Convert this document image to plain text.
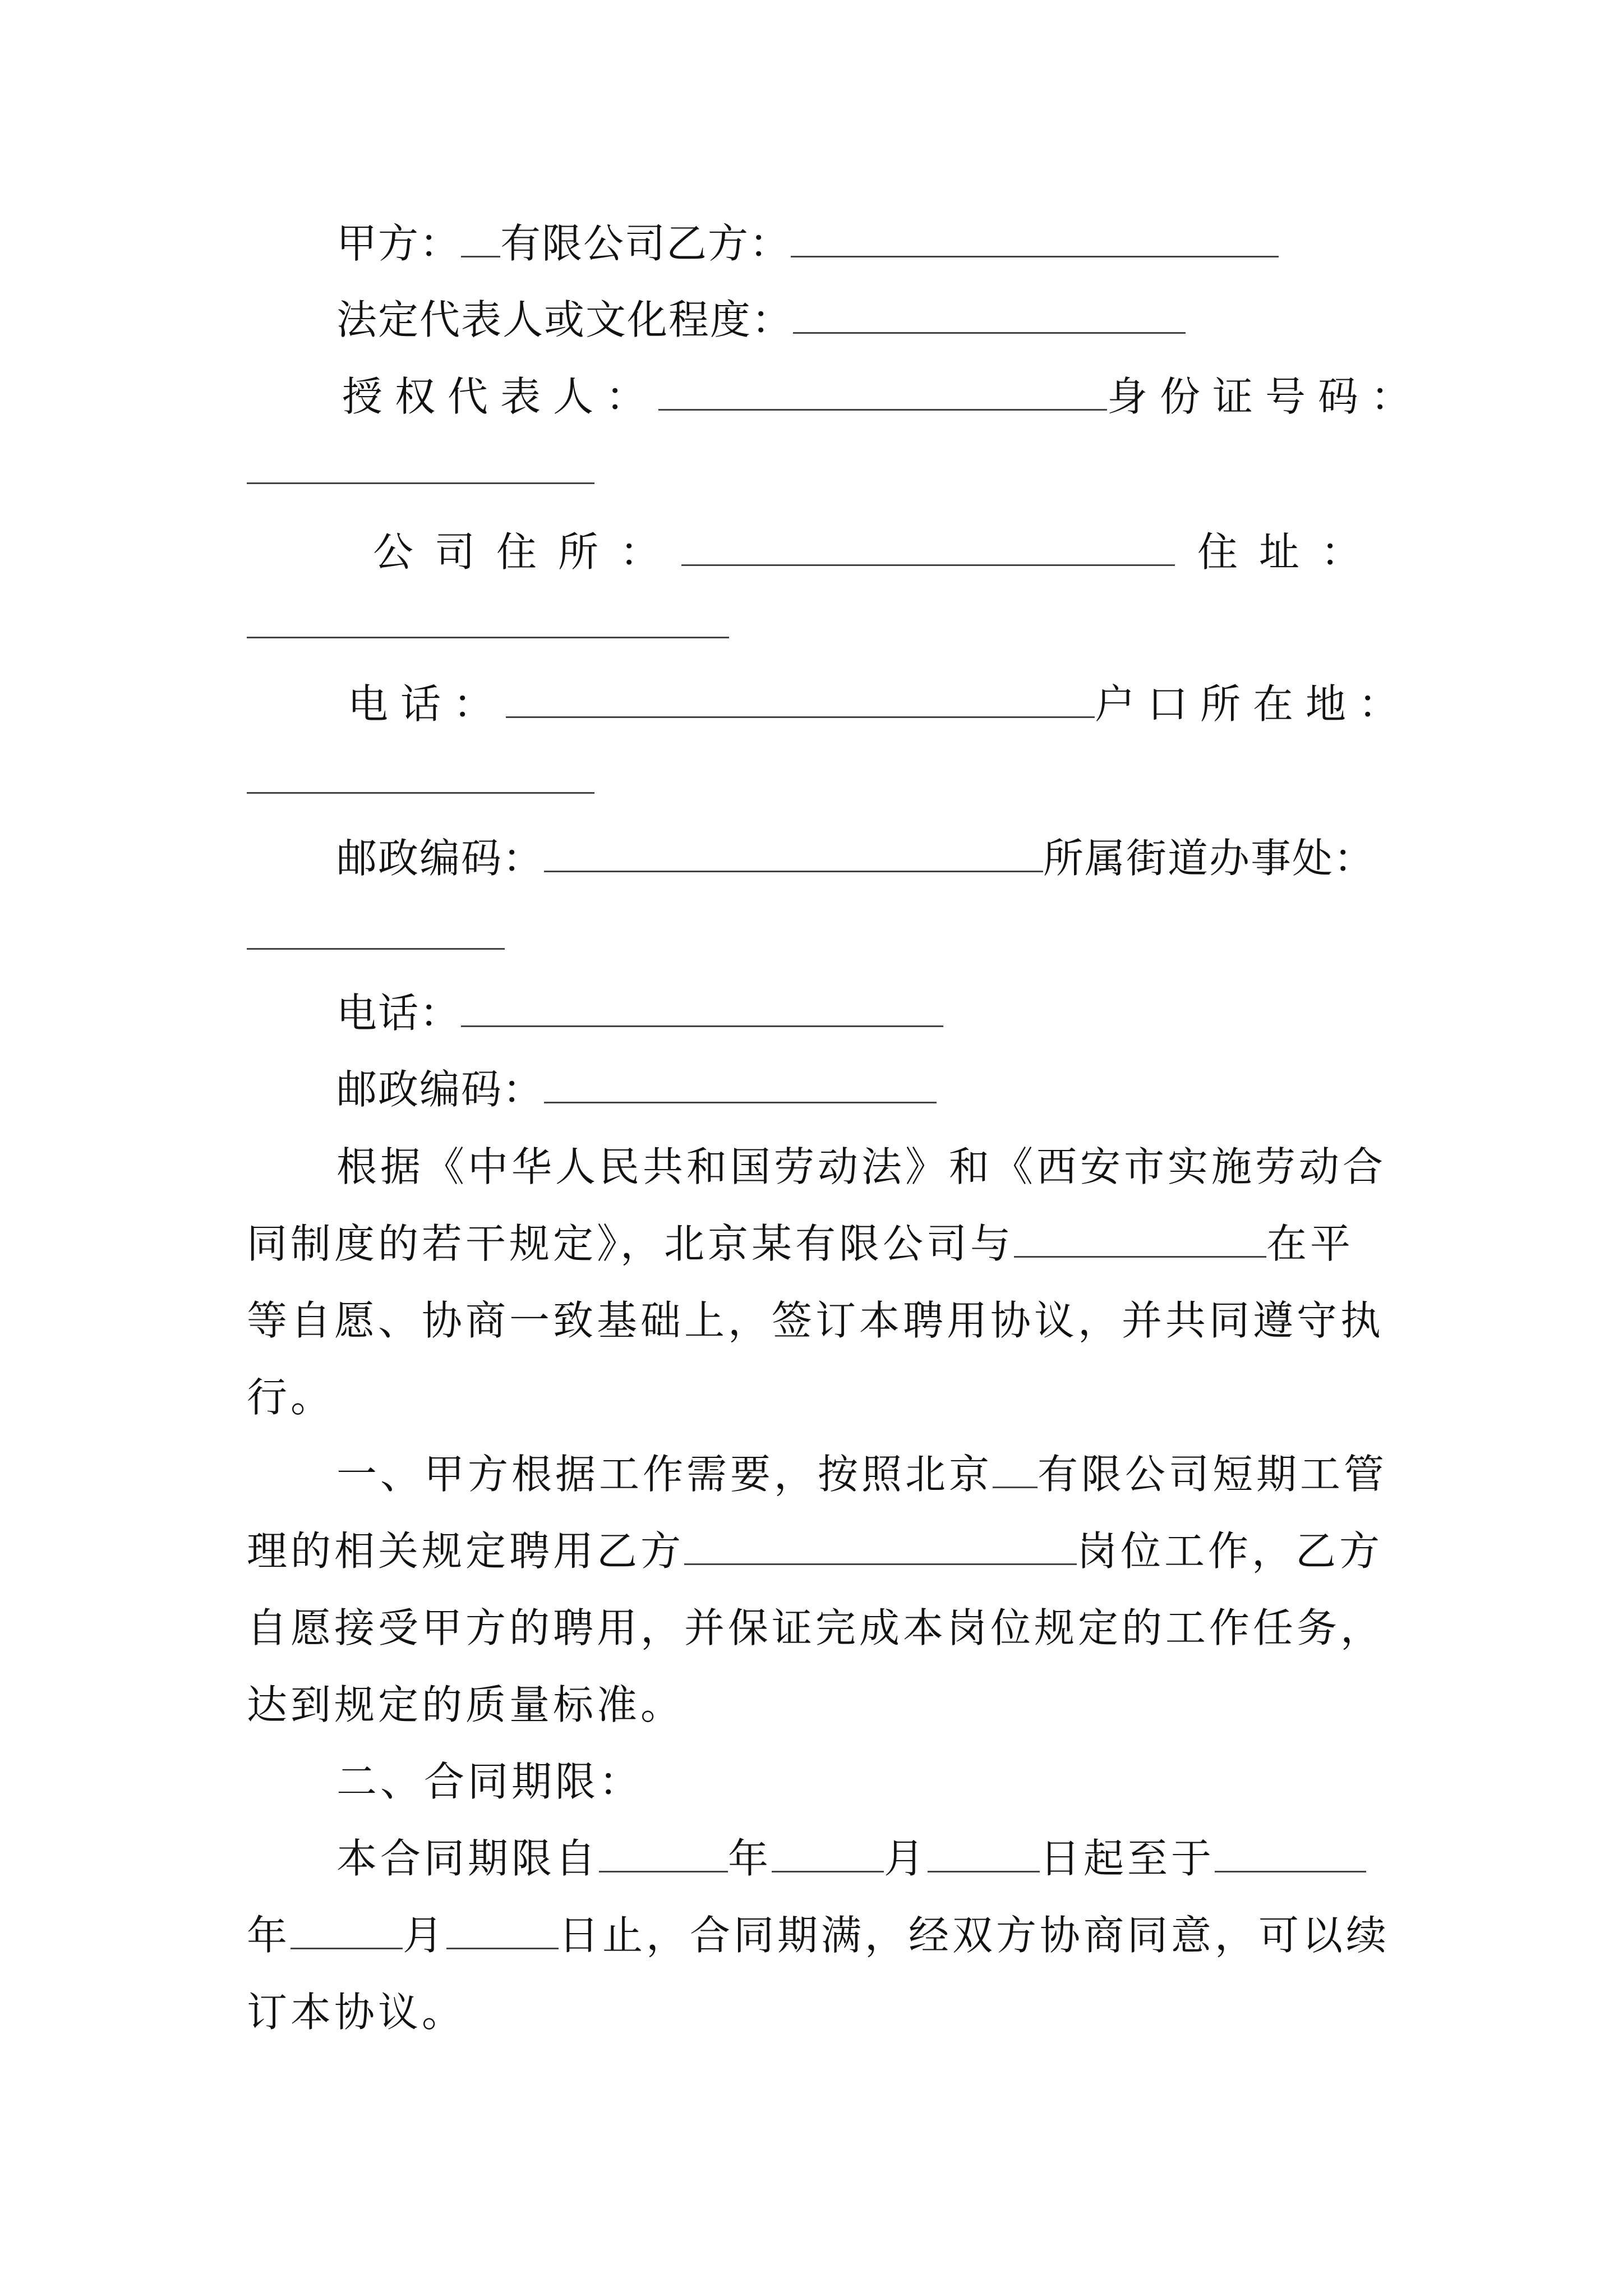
甲方： 有限公司乙方：
法定代表人或文化程度：
授权代表人：	身份证号码：
公司住所：	住址：
电话：	户口所在地：
邮政编码：	所属街道办事处：
电话：
邮政编码：
根据《中华人民共和国劳动法》和《西安市实施劳动合
同制度的若干规定》，北京某有限公司与	在平
等自愿、协商一致基础上，签订本聘用协议，并共同遵守执
行。
一、甲方根据工作需要，按照北京 有限公司短期工管
理的相关规定聘用乙方	岗位工作，乙方
自愿接受甲方的聘用，并保证完成本岗位规定的工作任务，
达到规定的质量标准。
二、合同期限：
本合同期限自	年	月	日起至于
年	月	日止，合同期满，经双方协商同意，可以续
订本协议。
